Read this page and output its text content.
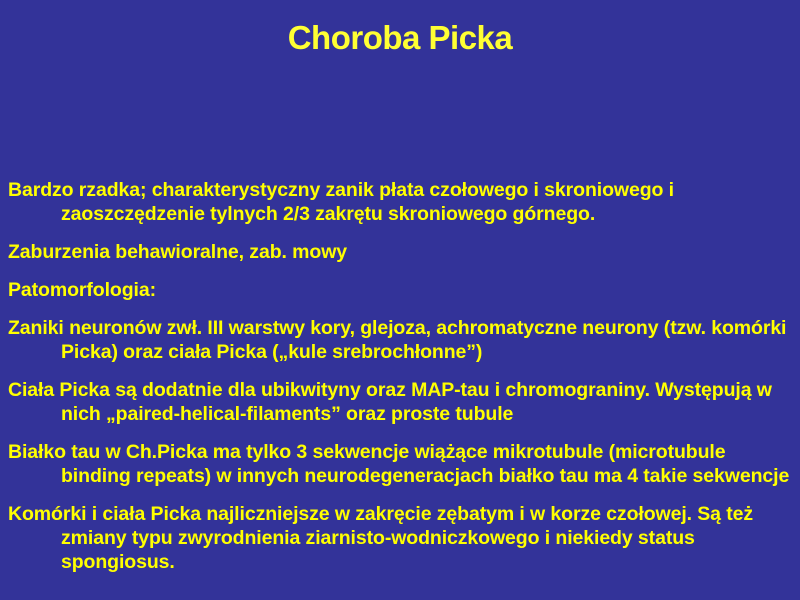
Choroba Picka
Bardzo rzadka; charakterystyczny zanik płata czołowego i skroniowego i zaoszczędzenie tylnych 2/3 zakrętu skroniowego górnego.
Zaburzenia behawioralne, zab. mowy
Patomorfologia:
Zaniki neuronów zwł. III warstwy kory, glejoza, achromatyczne neurony (tzw. komórki Picka) oraz ciała Picka („kule srebrochłonne”)
Ciała Picka są dodatnie dla ubikwityny oraz MAP-tau i chromograniny. Występują w nich „paired-helical-filaments” oraz proste tubule
Białko tau w Ch.Picka ma tylko 3 sekwencje wiążące mikrotubule (microtubule binding repeats) w innych neurodegeneracjach białko tau ma 4 takie sekwencje
Komórki i ciała Picka najliczniejsze w zakręcie zębatym i w korze czołowej. Są też zmiany typu zwyrodnienia ziarnisto-wodniczkowego i niekiedy status spongiosus.
